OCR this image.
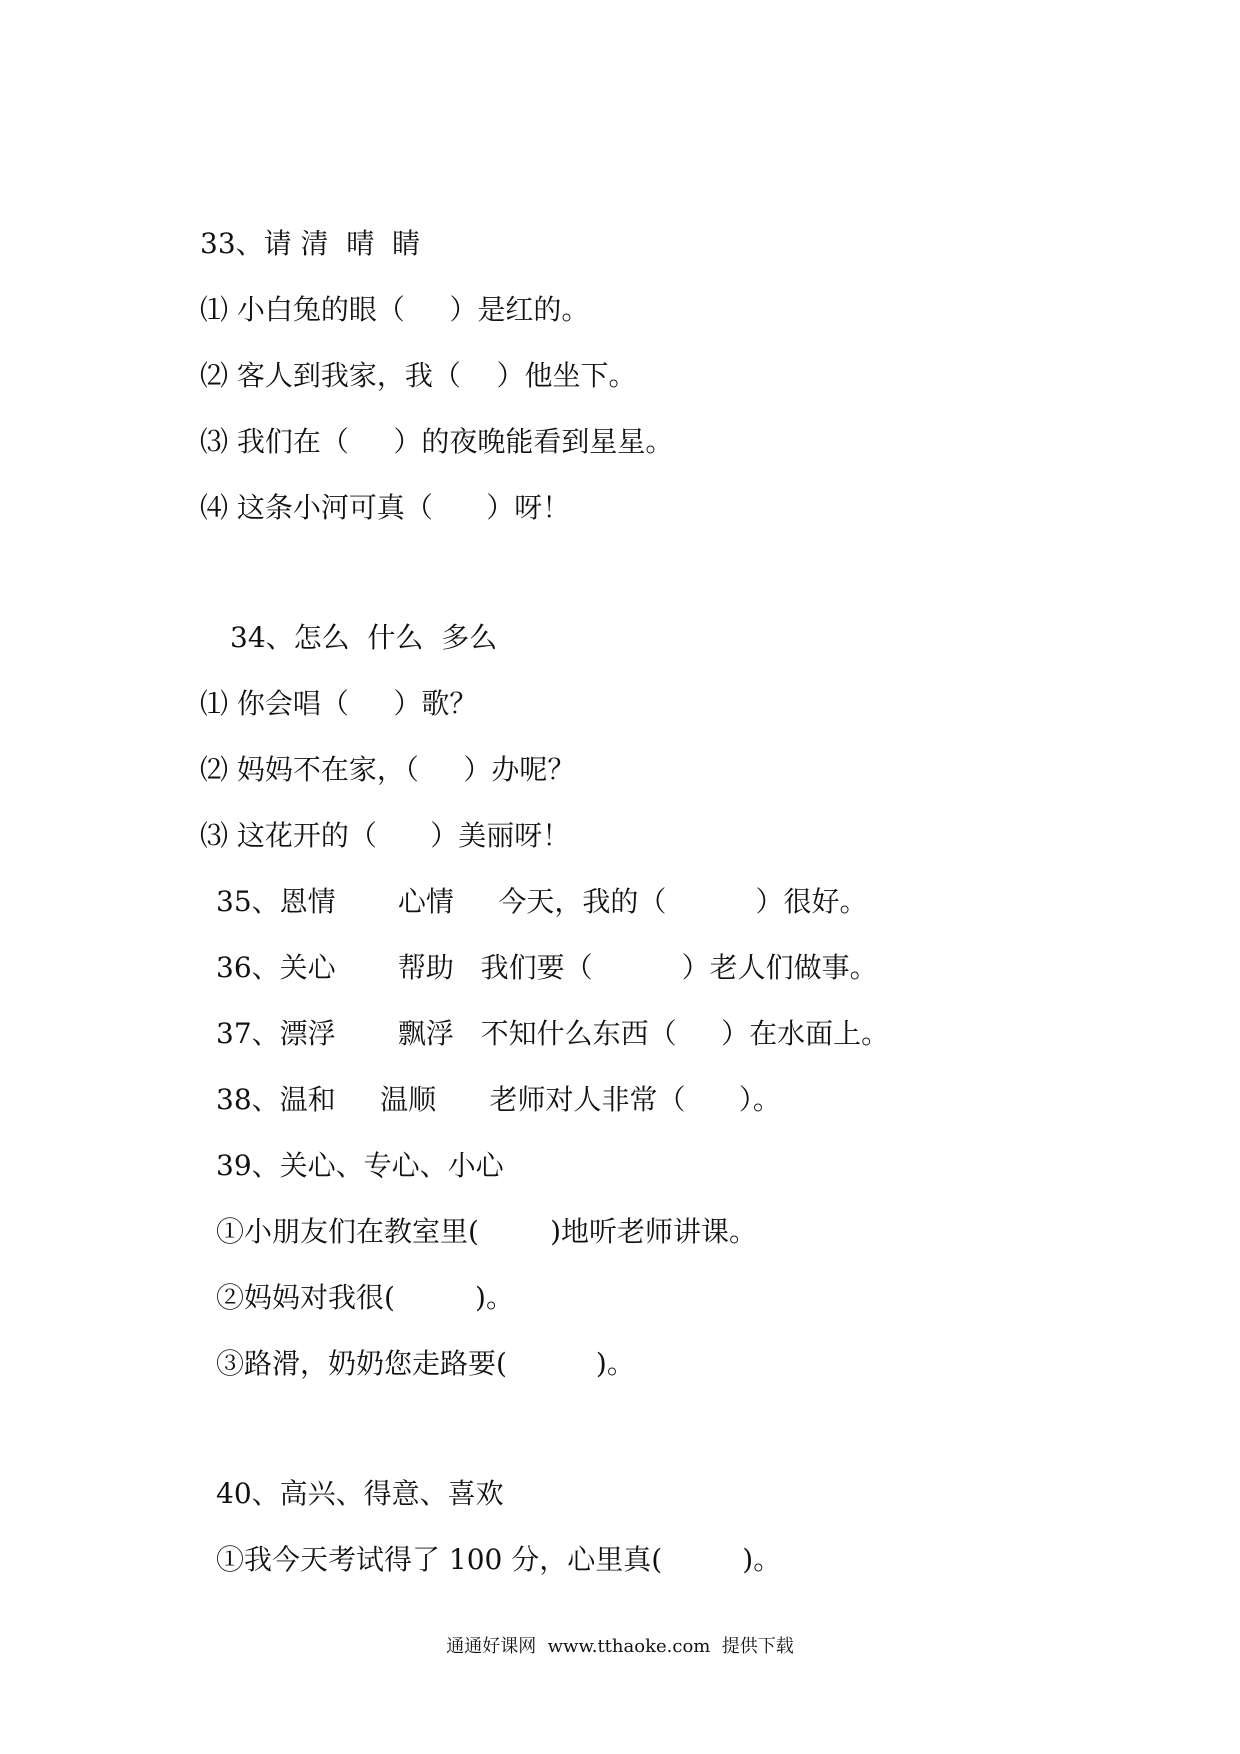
33、请 清  晴  睛
⑴ 小白兔的眼（     ）是红的。
⑵ 客人到我家，我（    ）他坐下。
⑶ 我们在（     ）的夜晚能看到星星。
⑷ 这条小河可真（      ）呀！
34、怎么  什么  多么
⑴ 你会唱（     ）歌？
⑵ 妈妈不在家，（     ）办呢？
⑶ 这花开的（      ）美丽呀！
35、恩情       心情     今天，我的（          ）很好。
36、关心       帮助   我们要（          ）老人们做事。
37、漂浮       飘浮   不知什么东西（     ）在水面上。
38、温和     温顺      老师对人非常（      ）。
39、关心、专心、小心
①小朋友们在教室里(        )地听老师讲课。
②妈妈对我很(         )。
③路滑，奶奶您走路要(          )。
40、高兴、得意、喜欢
①我今天考试得了 100 分，心里真(         )。
通通好课网  www.tthaoke.com  提供下载
